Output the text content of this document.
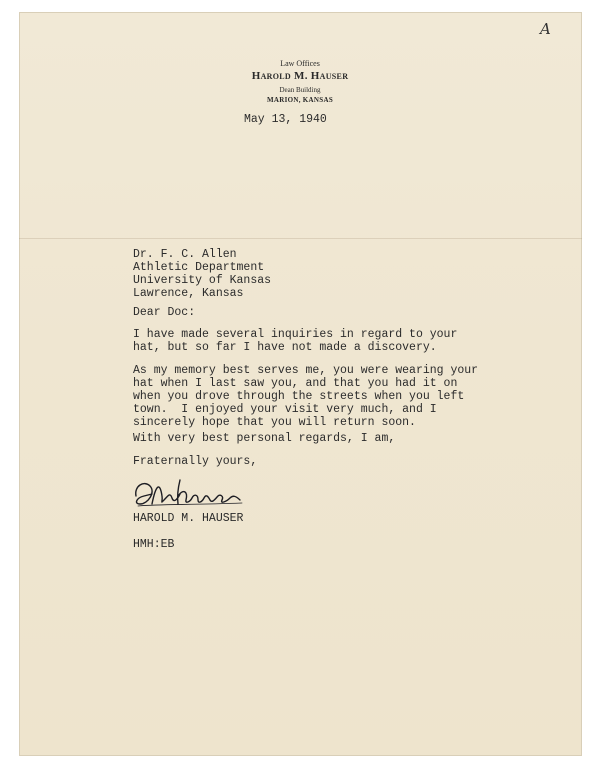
A
Law Offices
Harold M. Hauser
Dean Building
MARION, KANSAS
May 13, 1940
Dr. F. C. Allen
Athletic Department
University of Kansas
Lawrence, Kansas
Dear Doc:
I have made several inquiries in regard to your
hat, but so far I have not made a discovery.
As my memory best serves me, you were wearing your
hat when I last saw you, and that you had it on
when you drove through the streets when you left
town.  I enjoyed your visit very much, and I
sincerely hope that you will return soon.
With very best personal regards, I am,
Fraternally yours,
HAROLD M. HAUSER
HMH:EB
